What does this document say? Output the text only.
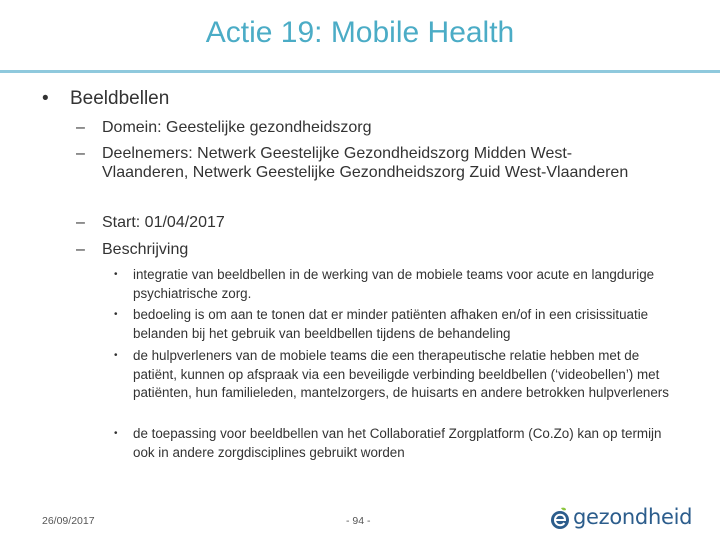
Actie 19: Mobile Health
• Beeldbellen
– Domein: Geestelijke gezondheidszorg
– Deelnemers: Netwerk Geestelijke Gezondheidszorg Midden West-Vlaanderen, Netwerk Geestelijke Gezondheidszorg Zuid West-Vlaanderen
– Start: 01/04/2017
– Beschrijving
• integratie van beeldbellen in de werking van de mobiele teams voor acute en langdurige psychiatrische zorg.
• bedoeling is om aan te tonen dat er minder patiënten afhaken en/of in een crisissituatie belanden bij het gebruik van beeldbellen tijdens de behandeling
• de hulpverleners van de mobiele teams die een therapeutische relatie hebben met de patiënt, kunnen op afspraak via een beveiligde verbinding beeldbellen (‘videobellen’) met patiënten, hun familieleden, mantelzorgers, de huisarts en andere betrokken hulpverleners
• de toepassing voor beeldbellen van het Collaboratief Zorgplatform (Co.Zo) kan op termijn ook in andere zorgdisciplines gebruikt worden
26/09/2017	- 94 -	gezondheid
